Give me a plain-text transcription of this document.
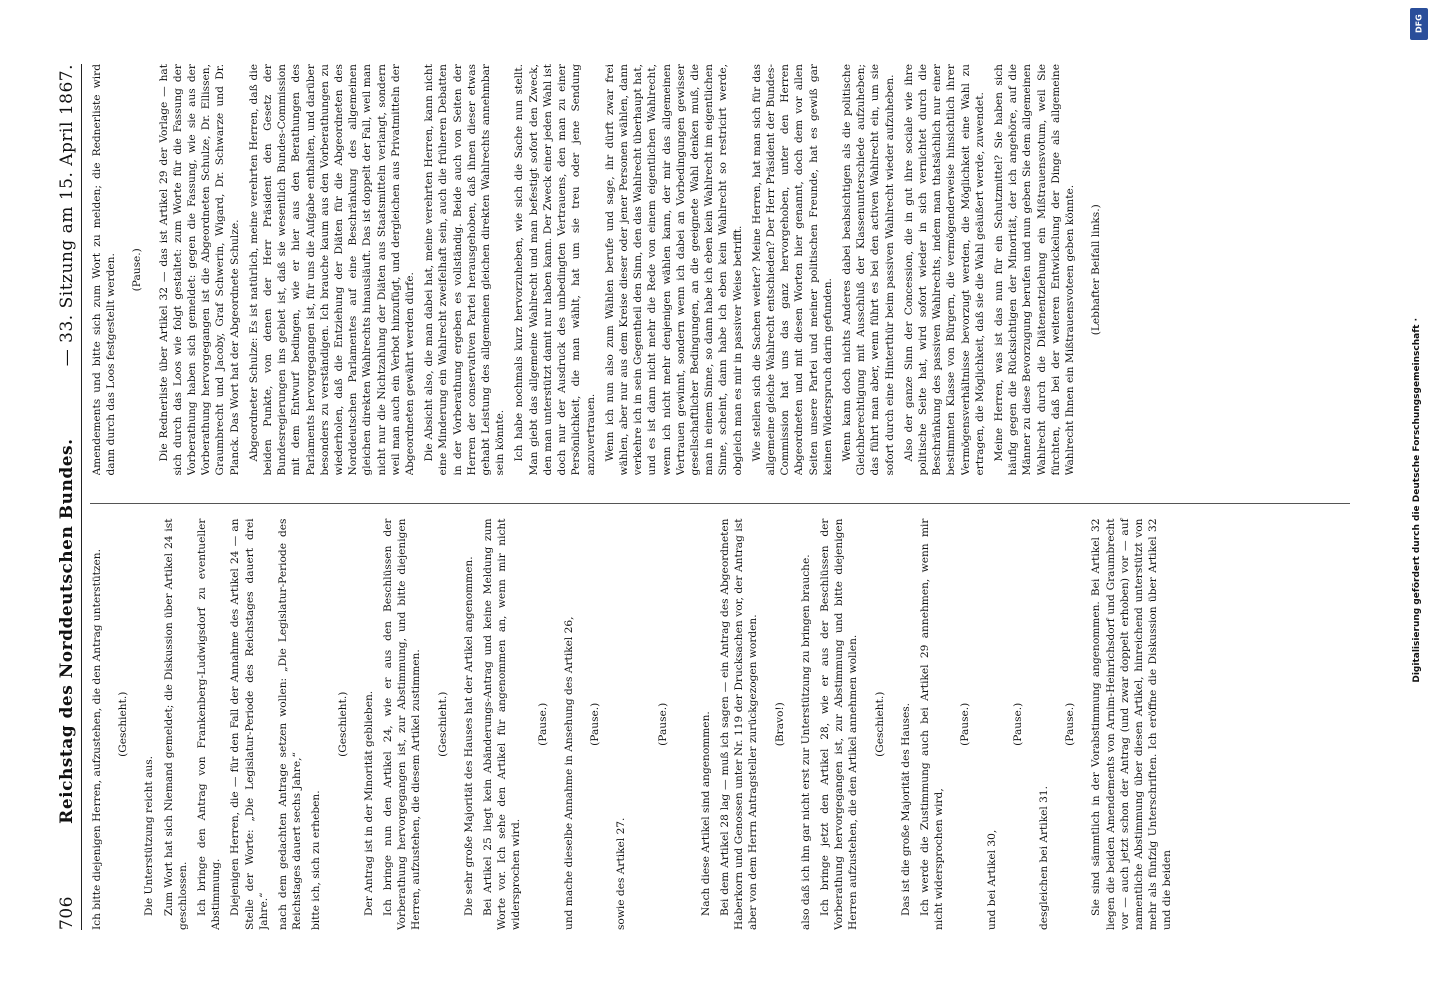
706
Reichstag des Norddeutschen Bundes.
— 33. Sitzung am 15. April 1867.

Ich bitte diejenigen Herren, aufzustehen, die den Antrag unterstützen. (Geschieht.)

Die Unterstützung reicht aus. Zum Wort hat sich Niemand gemeldet; die Diskussion über Artikel 24 ist geschlossen. Ich bringe den Antrag von Frankenberg-Ludwigsdorf zu eventueller Abstimmung. Diejenigen Herren, die — für den Fall der Annahme des Artikel 24 — an Stelle der Worte: „Die Legislatur-Periode des Reichstages dauert drei Jahre.“ nach dem gedachten Antrage setzen wollen: „Die Legislatur-Periode des Reichstages dauert sechs Jahre,“ bitte ich, sich zu erheben.

(Geschieht.) Der Antrag ist in der Minorität geblieben. Ich bringe nun den Artikel 24, wie er aus den Beschlüssen der Vorberathung hervorgegangen ist, zur Abstimmung, und bitte diejenigen Herren, aufzustehen, die diesem Artikel zustimmen. (Geschieht.) Die sehr große Majorität des Hauses hat der Artikel angenommen. Bei Artikel 25 liegt kein Abänderungs-Antrag und keine Meldung zum Worte vor. Ich sehe den Artikel für angenommen an, wenn mir nicht widersprochen wird.

(Pause.) und mache dieselbe Annahme in Ansehung des Artikel 26, (Pause.)

sowie des Artikel 27.

(Pause.)	Nach diese Artikel sind angenommen. Bei dem Artikel 28 lag — muß ich sagen — ein Antrag des Abgeordneten Haberkorn und Genossen unter Nr. 119 der Drucksachen vor, der Antrag ist aber von dem Herrn Antragsteller zurückgezogen worden. (Bravo!) also daß ich ihn gar nicht erst zur Unterstützung zu bringen brauche. Ich bringe jetzt den Artikel 28, wie er aus der Beschlüssen der Vorberathung hervorgegangen ist, zur Abstimmung und bitte diejenigen Herren aufzustehen, die den Artikel annehmen wollen. (Geschieht.) Das ist die große Majorität des Hauses. Ich werde die Zustimmung auch bei Artikel 29 annehmen, wenn mir nicht widersprochen wird,

(Pause.)

und bei Artikel 30,

(Pause.)

desgleichen bei Artikel 31.

(Pause.) Sie sind sämmtlich in der Vorabstimmung angenommen. Bei Artikel 32 liegen die beiden Amendements von Arnim-Heinrichsdorf und Graumbrecht vor — auch jetzt schon der Antrag (und zwar doppelt erhoben) vor — auf namentliche Abstimmung über diesen Artikel, hinreichend unterstützt von mehr als fünfzig Unterschriften. Ich eröffne die Diskussion über Artikel 32 und die beiden

Amendements und bitte sich zum Wort zu melden; die Rednerliste wird dann durch das Loos festgestellt werden. (Pause.) Die Rednerliste über Artikel 32 — das ist Artikel 29 der Vorlage — hat sich durch das Loos wie folgt gestaltet: zum Worte für die Fassung der Vorberathung haben sich gemeldet: gegen die Fassung, wie sie aus der Vorberathung hervorgegangen ist die Abgeordneten Schulze, Dr. Ellissen, Graumbrecht und Jacoby, Graf Schwerin, Wigard, Dr. Schwarze und Dr. Planck. Das Wort hat der Abgeordnete Schulze. Abgeordneter Schulze: Es ist natürlich, meine verehrten Herren, daß die beiden Punkte, von denen der Herr Präsident den Gesetz der Bundesregierungen ins gebiet ist, daß sie wesentlich Bundes-Commission mit dem Entwurf bedingen, wie er hier aus den Berathungen des Parlaments hervorgegangen ist, für uns die Aufgabe enthalten, und darüber besonders zu verständigen. Ich brauche kaum aus den Vorberathungen zu wiederholen, daß die Entziehung der Diäten für die Abgeordneten des Norddeutschen Parlamentes auf eine Beschränkung des allgemeinen gleichen direkten Wahlrechts hinausläuft. Das ist doppelt der Fall, weil man nicht nur die Nichtzahlung der Diäten aus Staatsmitteln verlangt, sondern weil man auch ein Verbot hinzufügt, und dergleichen aus Privatmitteln der Abgeordneten gewährt werden dürfe. Die Absicht also, die man dabei hat, meine verehrten Herren, kann nicht eine Minderung ein Wahlrecht zweifelhaft sein, auch die früheren Debatten in der Vorberathung ergeben es vollständig. Beide auch von Seiten der Herren der conservativen Partei herausgehoben, daß ihnen dieser etwas gehabt Leistung des allgemeinen gleichen direkten Wahlrechts annehmbar sein könnte. Ich habe nochmals kurz hervorzuheben, wie sich die Sache nun stellt. Man giebt das allgemeine Wahlrecht und man befestigt sofort den Zweck, den man unterstützt damit nur haben kann. Der Zweck einer jeden Wahl ist doch nur der Ausdruck des unbedingten Vertrauens, den man zu einer Persönlichkeit, die man wählt, hat um sie treu oder jene Sendung anzuvertrauen. Wenn ich nun also zum Wählen berufe und sage, ihr dürft zwar frei wählen, aber nur aus dem Kreise dieser oder jener Personen wählen, dann verkehre ich in sein Gegentheil den Sinn, den das Wahlrecht überhaupt hat, und es ist dann nicht mehr die Rede von einem eigentlichen Wahlrecht, wenn ich nicht mehr denjenigen wählen kann, der mir das allgemeinen Vertrauen gewinnt, sondern wenn ich dabei an Vorbedingungen gewisser gesellschaftlicher Bedingungen, an die geeignete Wahl denken muß, die man in einem Sinne, so dann habe ich eben kein Wahlrecht im eigentlichen Sinne, scheint, dann habe ich eben kein Wahlrecht so restricirt werde, obgleich man es mir in passiver Weise betrifft. Wie stellen sich die Sachen weiter? Meine Herren, hat man sich für das allgemeine gleiche Wahlrecht entschieden? Der Herr Präsident der Bundes-Commission hat uns das ganz hervorgehoben, unter den Herren Abgeordneten und mit diesen Worten hier genannt, doch dem vor allen Seiten unsere Partei und meiner politischen Freunde, hat es gewiß gar keinen Widerspruch darin gefunden. Wenn kann doch nichts Anderes dabei beabsichtigen als die politische Gleichberechtigung mit Ausschluß der Klassenunterschiede aufzuheben; das führt man aber, wenn führt es bei den activen Wahlrecht ein, um sie sofort durch eine Hinterthür beim passiven Wahlrecht wieder aufzuheben. Also der ganze Sinn der Concession, die in gut ihre sociale wie ihre politische Seite hat, wird sofort wieder in sich vernichtet durch die Beschränkung des passiven Wahlrechts, indem man thatsächlich nur einer bestimmten Klasse von Bürgern, die vermögenderweise hinsichtlich ihrer Vermögensverhältnisse bevorzugt werden, die Möglichkeit eine Wahl zu ertragen, die Möglichkeit, daß sie die Wahl geäußert werde, zuwendet. Meine Herren, was ist das nun für ein Schutzmittel? Sie haben sich häufig gegen die Rücksichtigen der Minorität, der ich angehöre, auf die Männer zu diese Bevorzugung berufen und nun geben Sie dem allgemeinen Wahlrecht durch die Diätenentziehung ein Mißtrauensvotum, weil Sie fürchten, daß bei der weiteren Entwickelung der Dinge als allgemeine Wahlrecht Ihnen ein Mißtrauensvoteen geben könnte. (Lebhafter Beifall links.)

Digitalisierung gefördert durch die Deutsche Forschungsgemeinschaft ·
DFG
